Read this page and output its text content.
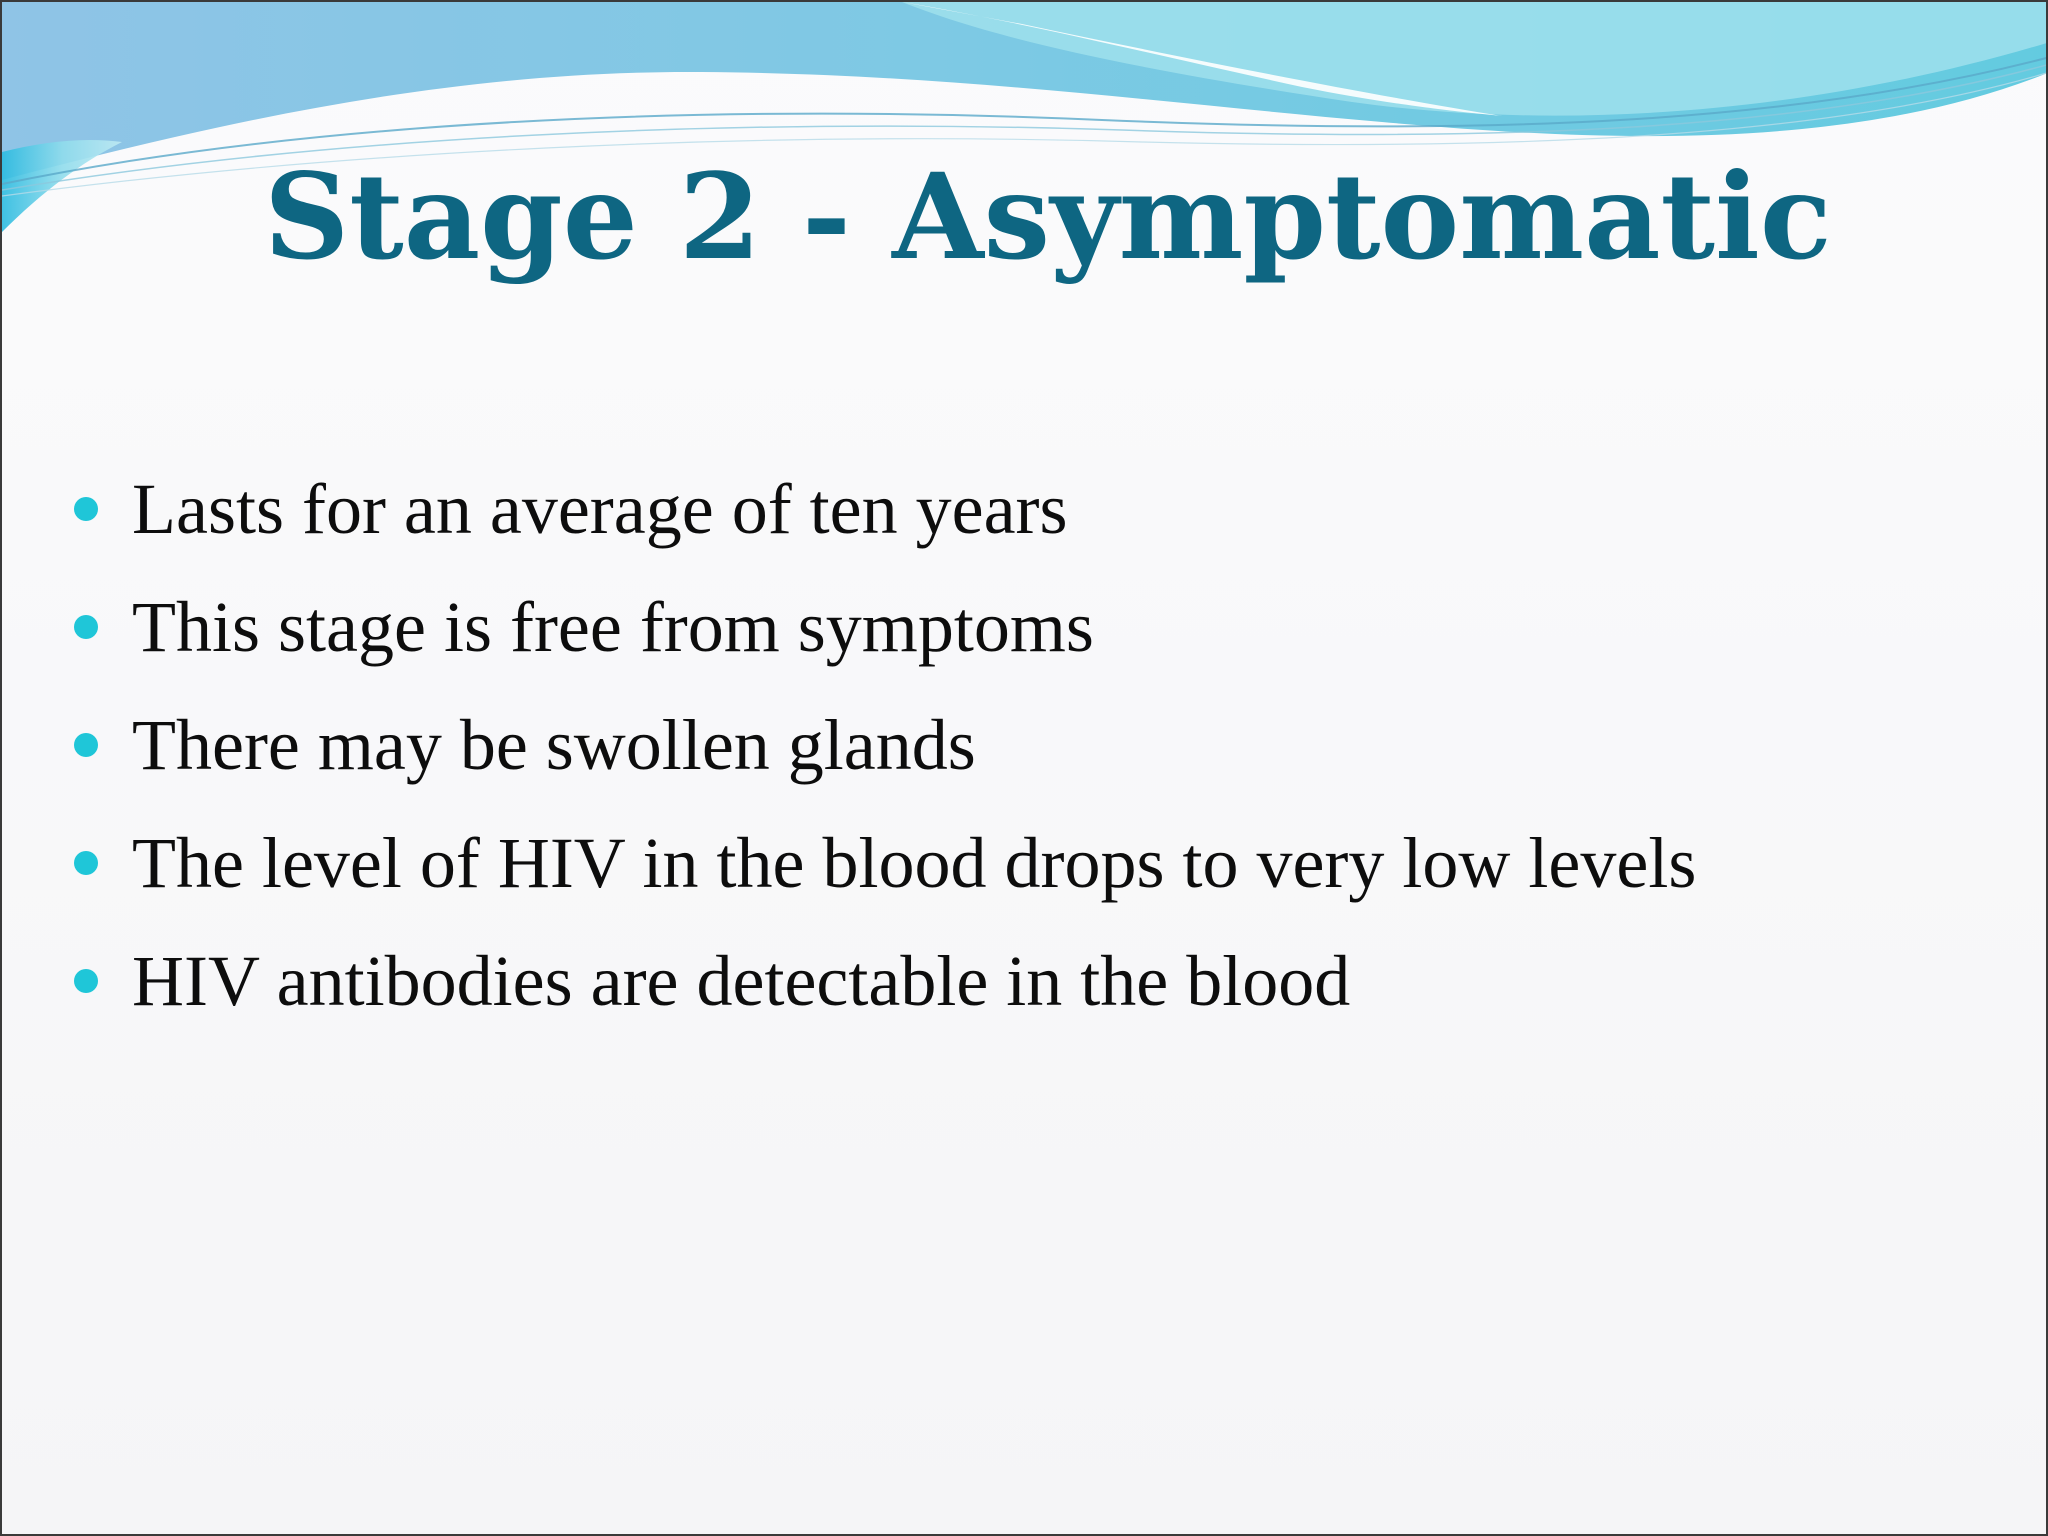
Stage 2 - Asymptomatic
Lasts for an average of ten years
This stage is free from symptoms
There may be swollen glands
The level of HIV in the blood drops to very low levels
HIV antibodies are detectable in the blood
